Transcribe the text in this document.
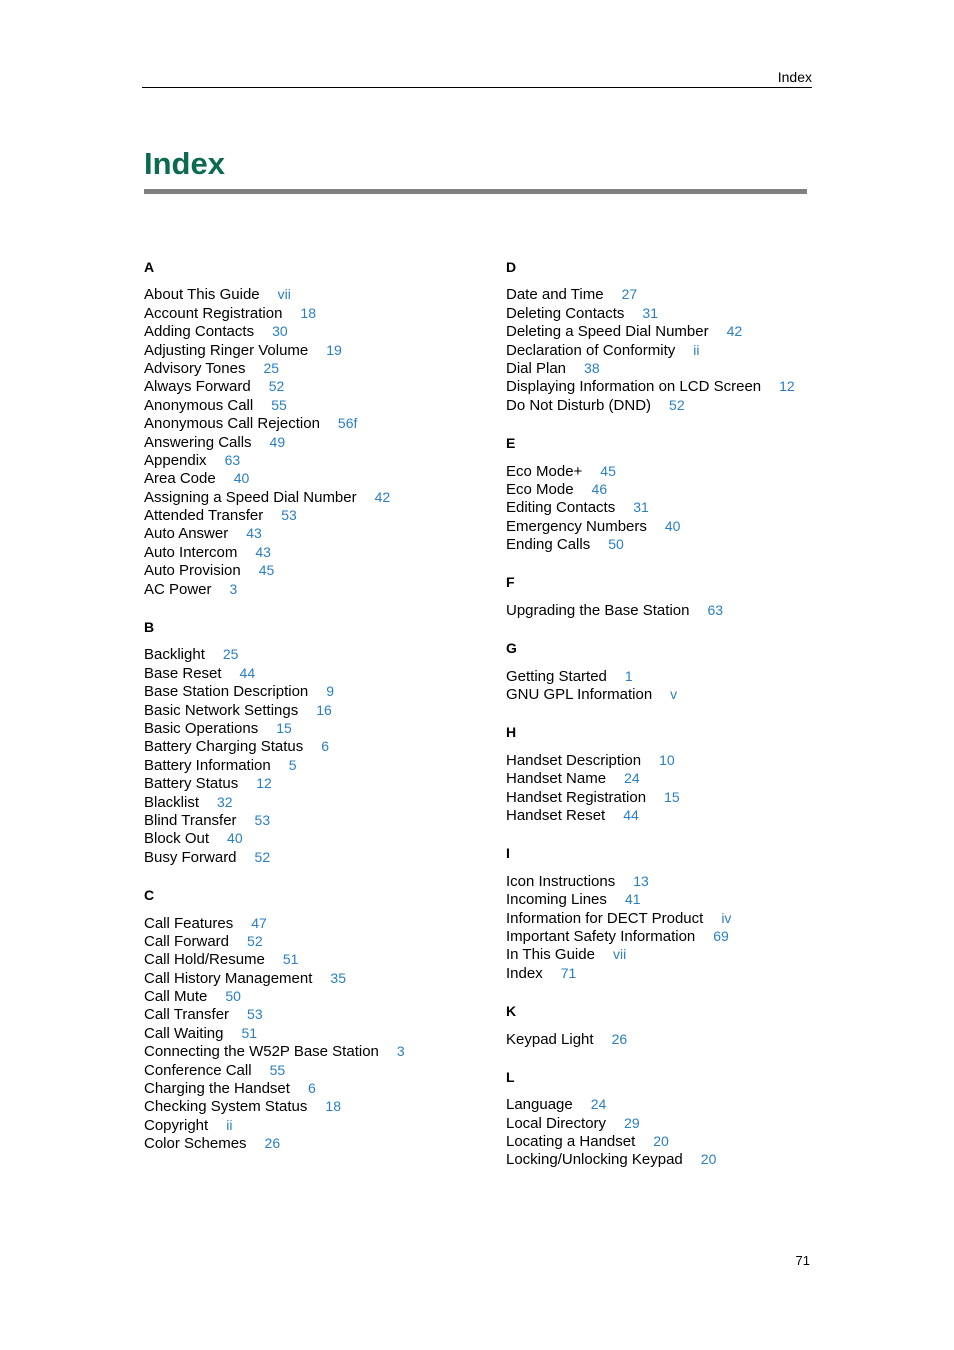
Index
Index
A
About This Guide vii
Account Registration 18
Adding Contacts 30
Adjusting Ringer Volume 19
Advisory Tones 25
Always Forward 52
Anonymous Call 55
Anonymous Call Rejection 56f
Answering Calls 49
Appendix 63
Area Code 40
Assigning a Speed Dial Number 42
Attended Transfer 53
Auto Answer 43
Auto Intercom 43
Auto Provision 45
AC Power 3
B
Backlight 25
Base Reset 44
Base Station Description 9
Basic Network Settings 16
Basic Operations 15
Battery Charging Status 6
Battery Information 5
Battery Status 12
Blacklist 32
Blind Transfer 53
Block Out 40
Busy Forward 52
C
Call Features 47
Call Forward 52
Call Hold/Resume 51
Call History Management 35
Call Mute 50
Call Transfer 53
Call Waiting 51
Connecting the W52P Base Station 3
Conference Call 55
Charging the Handset 6
Checking System Status 18
Copyright ii
Color Schemes 26
D
Date and Time 27
Deleting Contacts 31
Deleting a Speed Dial Number 42
Declaration of Conformity ii
Dial Plan 38
Displaying Information on LCD Screen 12
Do Not Disturb (DND) 52
E
Eco Mode+ 45
Eco Mode 46
Editing Contacts 31
Emergency Numbers 40
Ending Calls 50
F
Upgrading the Base Station 63
G
Getting Started 1
GNU GPL Information v
H
Handset Description 10
Handset Name 24
Handset Registration 15
Handset Reset 44
I
Icon Instructions 13
Incoming Lines 41
Information for DECT Product iv
Important Safety Information 69
In This Guide vii
Index 71
K
Keypad Light 26
L
Language 24
Local Directory 29
Locating a Handset 20
Locking/Unlocking Keypad 20
71
